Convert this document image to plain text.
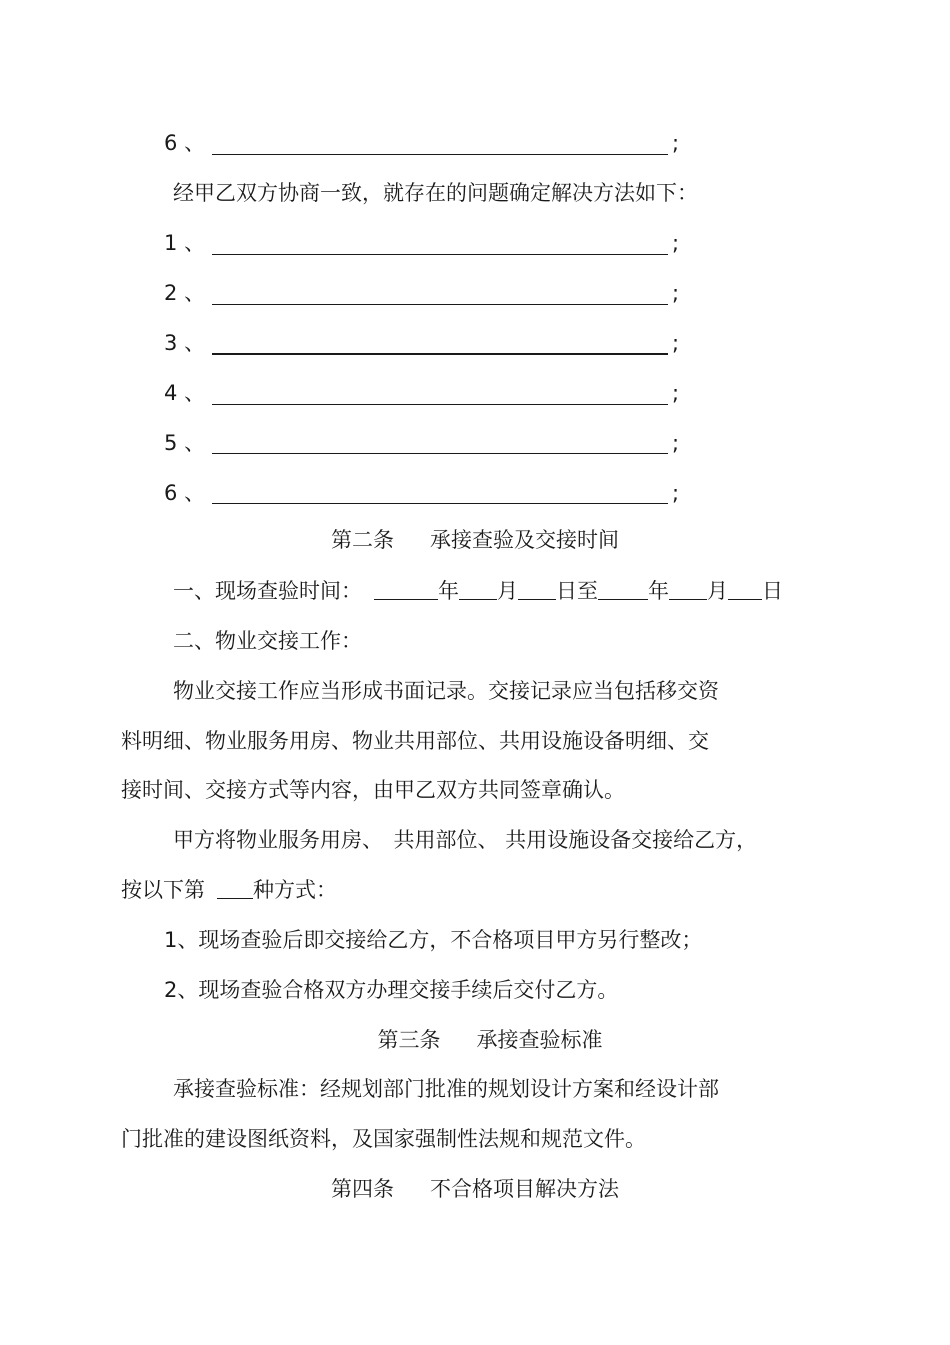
6 、	;
经甲乙双方协商一致，就存在的问题确定解决方法如下：
1 、	;
2 、	;
3 、	;
4 、	;
5 、	;
6 、	;
第二条 承接查验及交接时间
一、现场查验时间：	年 月 日至 年 月 日
二、物业交接工作：
物业交接工作应当形成书面记录。交接记录应当包括移交资
料明细、物业服务用房、物业共用部位、共用设施设备明细、交
接时间、交接方式等内容，由甲乙双方共同签章确认。
甲方将物业服务用房、　共用部位、 共用设施设备交接给乙方，
按以下第 种方式：
1、现场查验后即交接给乙方，不合格项目甲方另行整改；
2、现场查验合格双方办理交接手续后交付乙方。
第三条 承接查验标准
承接查验标准：经规划部门批准的规划设计方案和经设计部
门批准的建设图纸资料，及国家强制性法规和规范文件。
第四条 不合格项目解决方法
